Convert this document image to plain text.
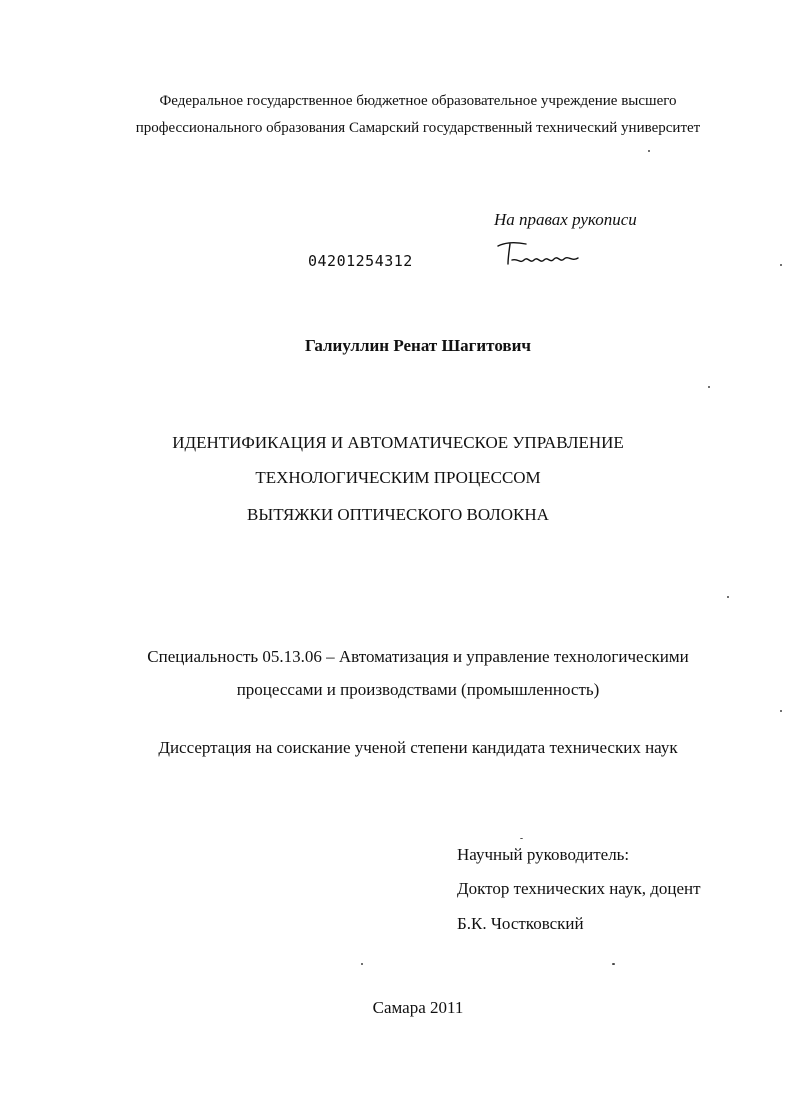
Федеральное государственное бюджетное образовательное учреждение высшего
профессионального образования Самарский государственный технический университет
На правах рукописи
04201254312
Галиуллин Ренат Шагитович
ИДЕНТИФИКАЦИЯ И АВТОМАТИЧЕСКОЕ УПРАВЛЕНИЕ
ТЕХНОЛОГИЧЕСКИМ ПРОЦЕССОМ
ВЫТЯЖКИ ОПТИЧЕСКОГО ВОЛОКНА
Специальность 05.13.06 – Автоматизация и управление технологическими
процессами и производствами (промышленность)
Диссертация на соискание ученой степени кандидата технических наук
Научный руководитель:
Доктор технических наук, доцент
Б.К. Чостковский
Самара 2011
